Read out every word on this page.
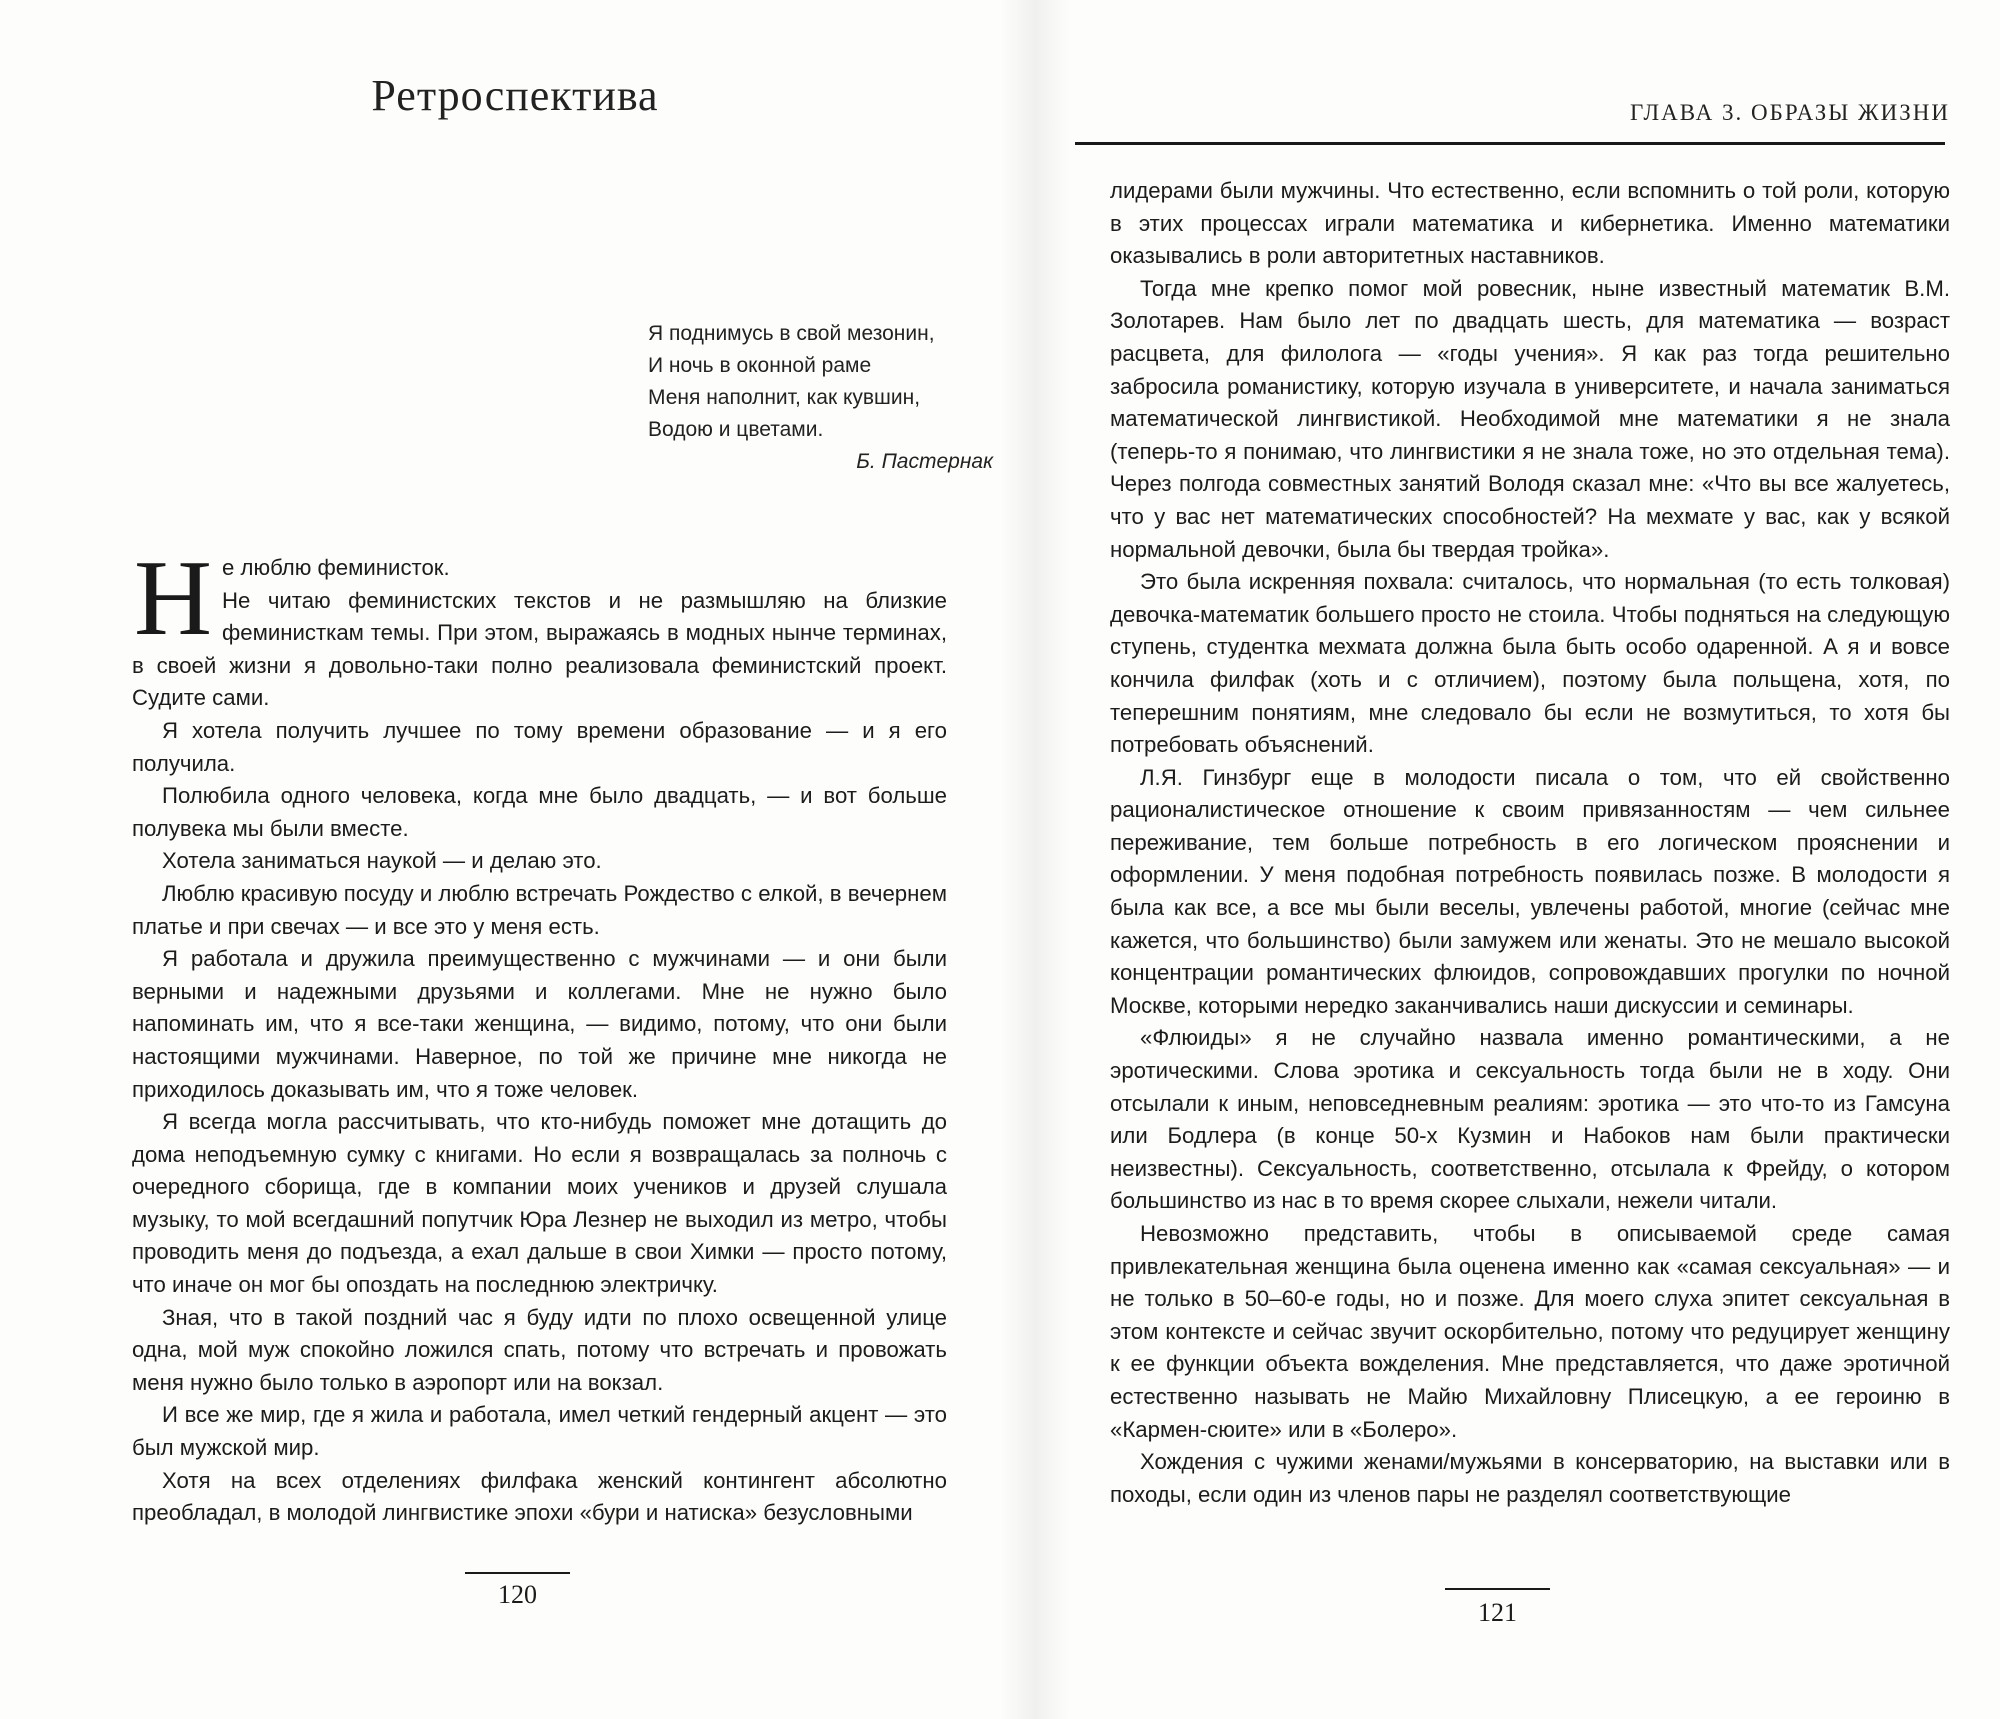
Ретроспектива
Я поднимусь в свой мезонин,
И ночь в оконной раме
Меня наполнит, как кувшин,
Водою и цветами.
Б. Пастернак

Не люблю феминисток.

Не читаю феминистских текстов и не размышляю на близкие феминисткам темы. При этом, выражаясь в модных нынче терминах, в своей жизни я довольно-таки полно реализовала феминистский проект. Судите сами.

Я хотела получить лучшее по тому времени образование — и я его получила.

Полюбила одного человека, когда мне было двадцать, — и вот больше полувека мы были вместе.

Хотела заниматься наукой — и делаю это.

Люблю красивую посуду и люблю встречать Рождество с елкой, в вечернем платье и при свечах — и все это у меня есть.

Я работала и дружила преимущественно с мужчинами — и они были верными и надежными друзьями и коллегами. Мне не нужно было напоминать им, что я все-таки женщина, — видимо, потому, что они были настоящими мужчинами. Наверное, по той же причине мне никогда не приходилось доказывать им, что я тоже человек.

Я всегда могла рассчитывать, что кто-нибудь поможет мне дотащить до дома неподъемную сумку с книгами. Но если я возвращалась за полночь с очередного сборища, где в компании моих учеников и друзей слушала музыку, то мой всегдашний попутчик Юра Лезнер не выходил из метро, чтобы проводить меня до подъезда, а ехал дальше в свои Химки — просто потому, что иначе он мог бы опоздать на последнюю электричку.

Зная, что в такой поздний час я буду идти по плохо освещенной улице одна, мой муж спокойно ложился спать, потому что встречать и провожать меня нужно было только в аэропорт или на вокзал.

И все же мир, где я жила и работала, имел четкий гендерный акцент — это был мужской мир.

Хотя на всех отделениях филфака женский контингент абсолютно преобладал, в молодой лингвистике эпохи «бури и натиска» безусловными

120
ГЛАВА 3. ОБРАЗЫ ЖИЗНИ

лидерами были мужчины. Что естественно, если вспомнить о той роли, которую в этих процессах играли математика и кибернетика. Именно математики оказывались в роли авторитетных наставников.

Тогда мне крепко помог мой ровесник, ныне известный математик В.М. Золотарев. Нам было лет по двадцать шесть, для математика — возраст расцвета, для филолога — «годы учения». Я как раз тогда решительно забросила романистику, которую изучала в университете, и начала заниматься математической лингвистикой. Необходимой мне математики я не знала (теперь-то я понимаю, что лингвистики я не знала тоже, но это отдельная тема). Через полгода совместных занятий Володя сказал мне: «Что вы все жалуетесь, что у вас нет математических способностей? На мехмате у вас, как у всякой нормальной девочки, была бы твердая тройка».

Это была искренняя похвала: считалось, что нормальная (то есть толковая) девочка-математик большего просто не стоила. Чтобы подняться на следующую ступень, студентка мехмата должна была быть особо одаренной. А я и вовсе кончила филфак (хоть и с отличием), поэтому была польщена, хотя, по теперешним понятиям, мне следовало бы если не возмутиться, то хотя бы потребовать объяснений.

Л.Я. Гинзбург еще в молодости писала о том, что ей свойственно рационалистическое отношение к своим привязанностям — чем сильнее переживание, тем больше потребность в его логическом прояснении и оформлении. У меня подобная потребность появилась позже. В молодости я была как все, а все мы были веселы, увлечены работой, многие (сейчас мне кажется, что большинство) были замужем или женаты. Это не мешало высокой концентрации романтических флюидов, сопровождавших прогулки по ночной Москве, которыми нередко заканчивались наши дискуссии и семинары.

«Флюиды» я не случайно назвала именно романтическими, а не эротическими. Слова эротика и сексуальность тогда были не в ходу. Они отсылали к иным, неповседневным реалиям: эротика — это что-то из Гамсуна или Бодлера (в конце 50-х Кузмин и Набоков нам были практически неизвестны). Сексуальность, соответственно, отсылала к Фрейду, о котором большинство из нас в то время скорее слыхали, нежели читали.

Невозможно представить, чтобы в описываемой среде самая привлекательная женщина была оценена именно как «самая сексуальная» — и не только в 50–60-е годы, но и позже. Для моего слуха эпитет сексуальная в этом контексте и сейчас звучит оскорбительно, потому что редуцирует женщину к ее функции объекта вожделения. Мне представляется, что даже эротичной естественно называть не Майю Михайловну Плисецкую, а ее героиню в «Кармен-сюите» или в «Болеро».

Хождения с чужими женами/мужьями в консерваторию, на выставки или в походы, если один из членов пары не разделял соответствующие

121
